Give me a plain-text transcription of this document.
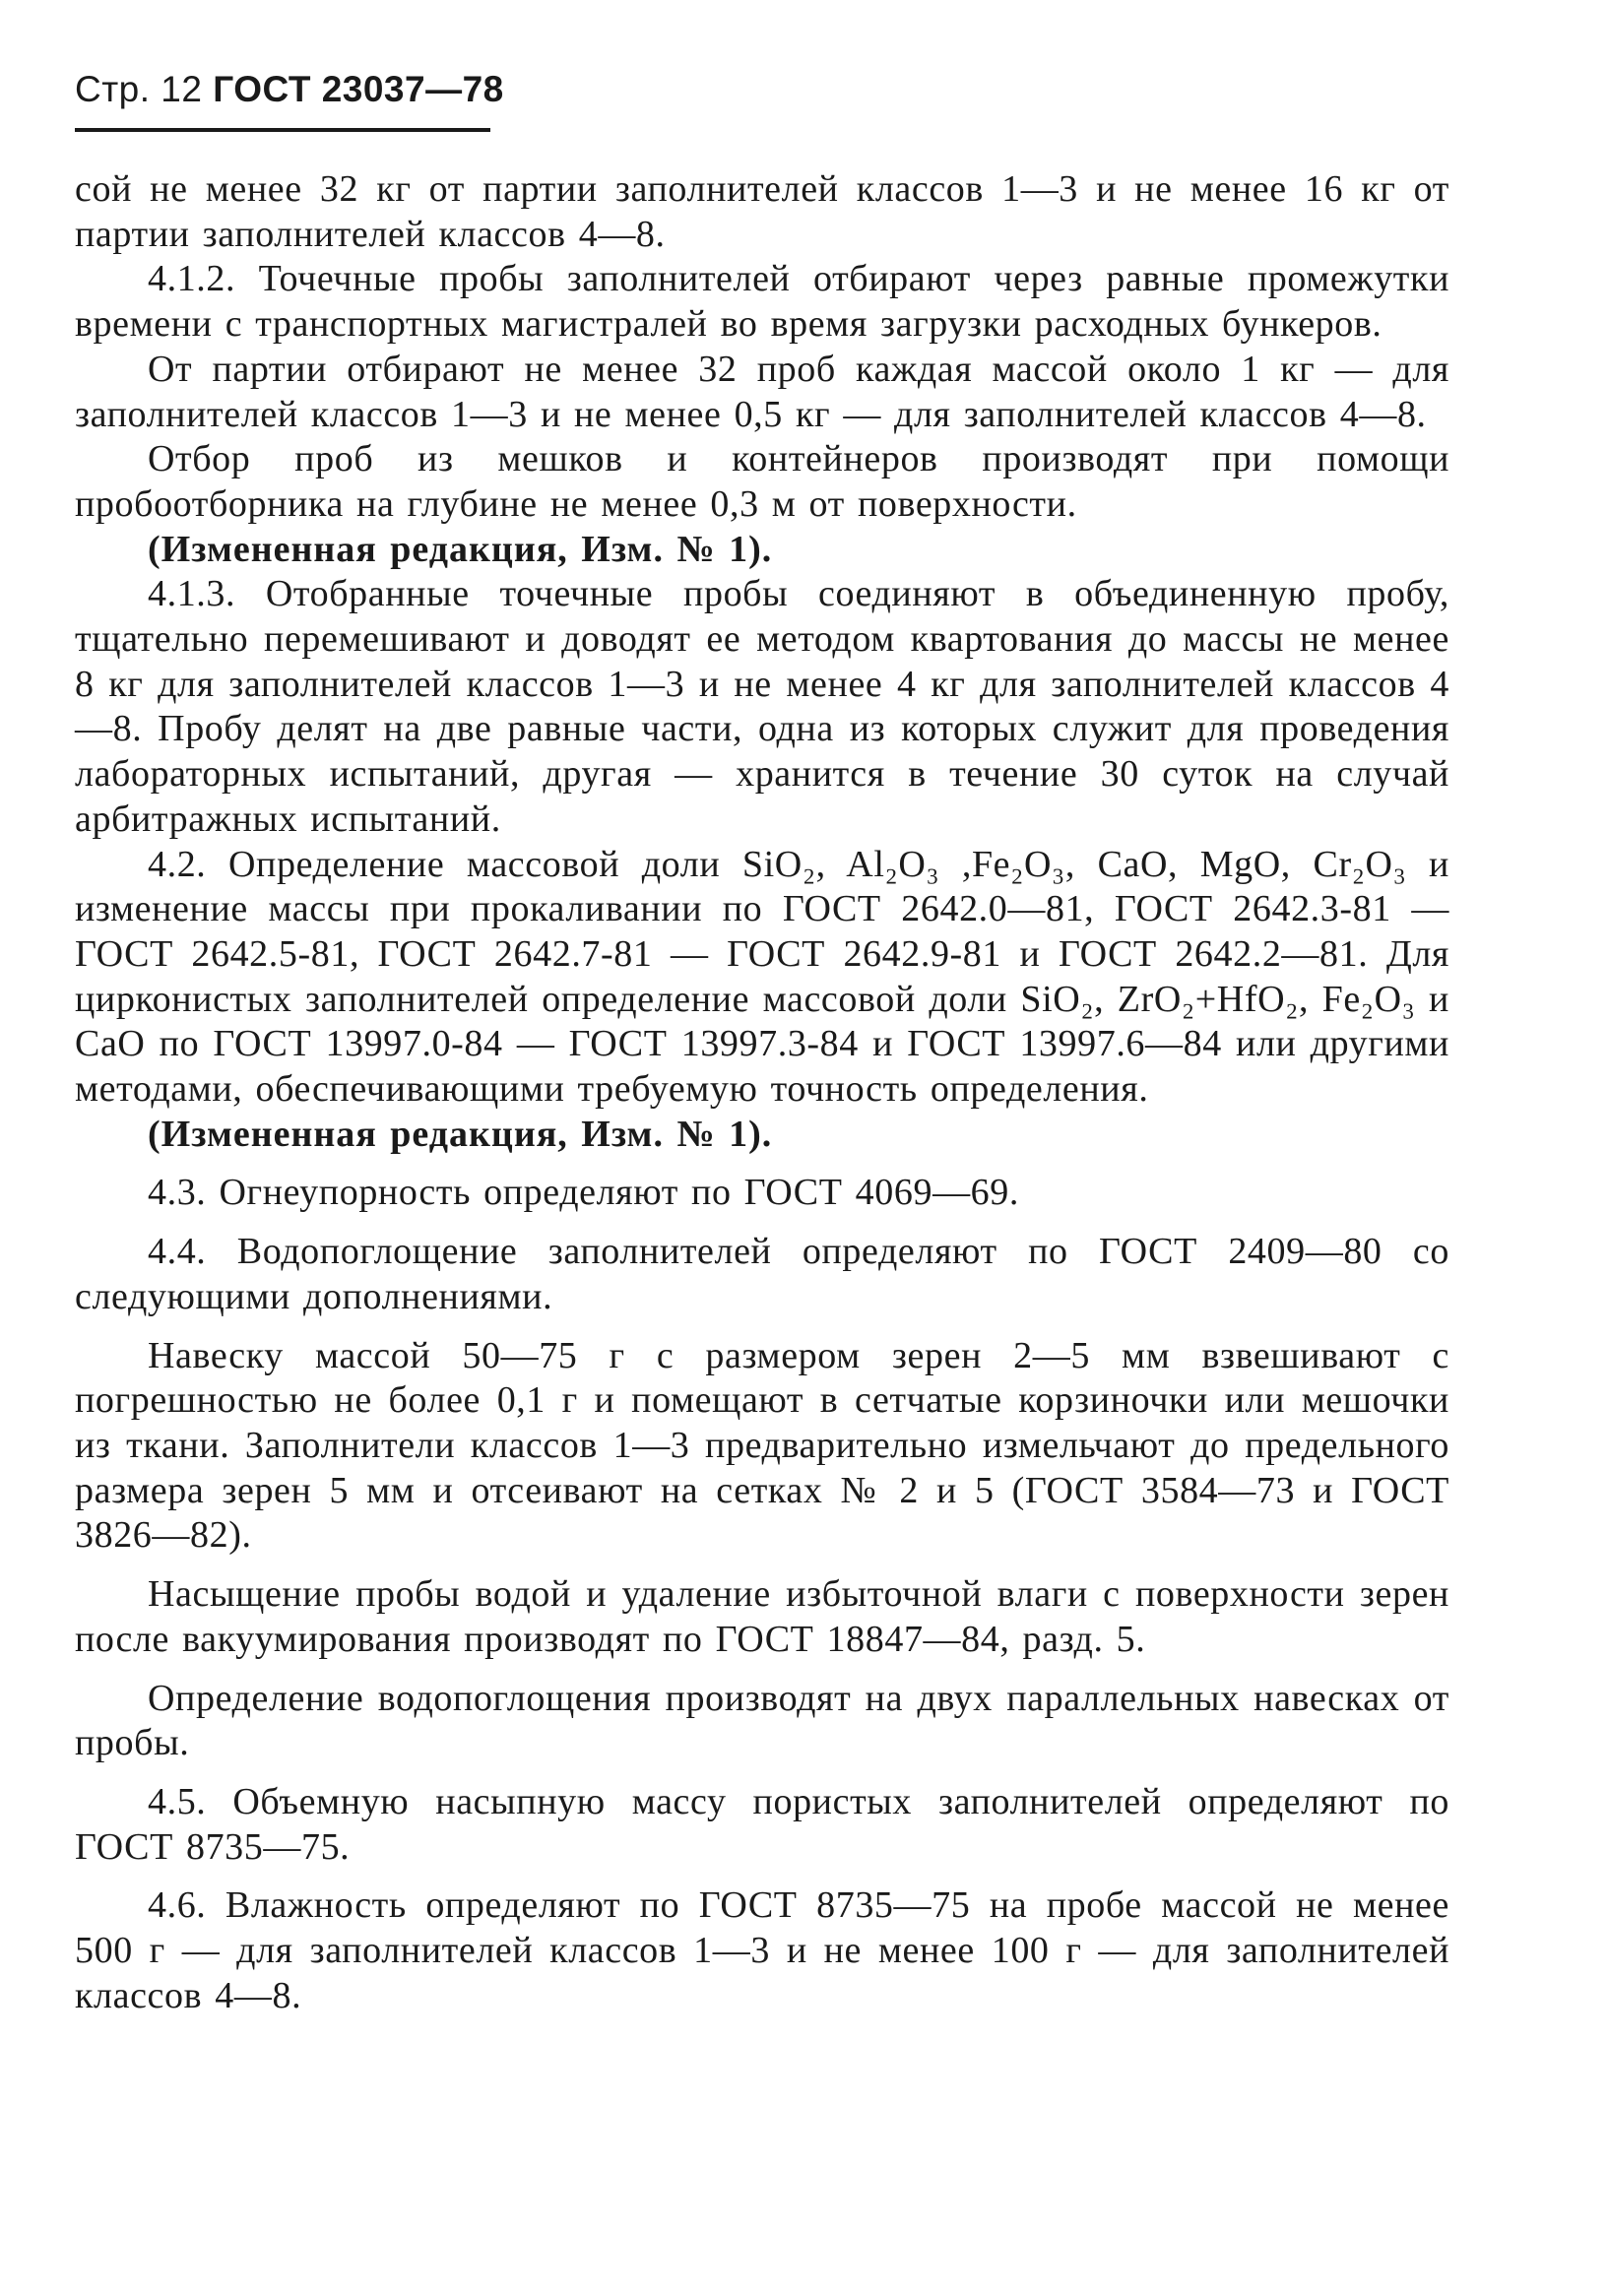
Стр. 12 ГОСТ 23037—78

сой не менее 32 кг от партии заполнителей классов 1—3 и не менее 16 кг от партии заполнителей классов 4—8.

4.1.2. Точечные пробы заполнителей отбирают через равные промежутки времени с транспортных магистралей во время загрузки расходных бункеров.

От партии отбирают не менее 32 проб каждая массой около 1 кг — для заполнителей классов 1—3 и не менее 0,5 кг — для заполнителей классов 4—8.

Отбор проб из мешков и контейнеров производят при помощи пробоотборника на глубине не менее 0,3 м от поверхности.

(Измененная редакция, Изм. № 1).

4.1.3. Отобранные точечные пробы соединяют в объединенную пробу, тщательно перемешивают и доводят ее методом квартования до массы не менее 8 кг для заполнителей классов 1—3 и не менее 4 кг для заполнителей классов 4—8. Пробу делят на две равные части, одна из которых служит для проведения лабораторных испытаний, другая — хранится в течение 30 суток на случай арбитражных испытаний.

4.2. Определение массовой доли SiO₂, Al₂O₃ ,Fe₂O₃, CaO, MgO, Cr₂O₃ и изменение массы при прокаливании по ГОСТ 2642.0—81, ГОСТ 2642.3-81 — ГОСТ 2642.5-81, ГОСТ 2642.7-81 — ГОСТ 2642.9-81 и ГОСТ 2642.2—81. Для цирконистых заполнителей определение массовой доли SiO₂, ZrO₂+HfO₂, Fe₂O₃ и CaO по ГОСТ 13997.0-84 — ГОСТ 13997.3-84 и ГОСТ 13997.6—84 или другими методами, обеспечивающими требуемую точность определения.

(Измененная редакция, Изм. № 1).

4.3. Огнеупорность определяют по ГОСТ 4069—69.

4.4. Водопоглощение заполнителей определяют по ГОСТ 2409—80 со следующими дополнениями.

Навеску массой 50—75 г с размером зерен 2—5 мм взвешивают с погрешностью не более 0,1 г и помещают в сетчатые корзиночки или мешочки из ткани. Заполнители классов 1—3 предварительно измельчают до предельного размера зерен 5 мм и отсеивают на сетках № 2 и 5 (ГОСТ 3584—73 и ГОСТ 3826—82).

Насыщение пробы водой и удаление избыточной влаги с поверхности зерен после вакуумирования производят по ГОСТ 18847—84, разд. 5.

Определение водопоглощения производят на двух параллельных навесках от пробы.

4.5. Объемную насыпную массу пористых заполнителей определяют по ГОСТ 8735—75.

4.6. Влажность определяют по ГОСТ 8735—75 на пробе массой не менее 500 г — для заполнителей классов 1—3 и не менее 100 г — для заполнителей классов 4—8.
